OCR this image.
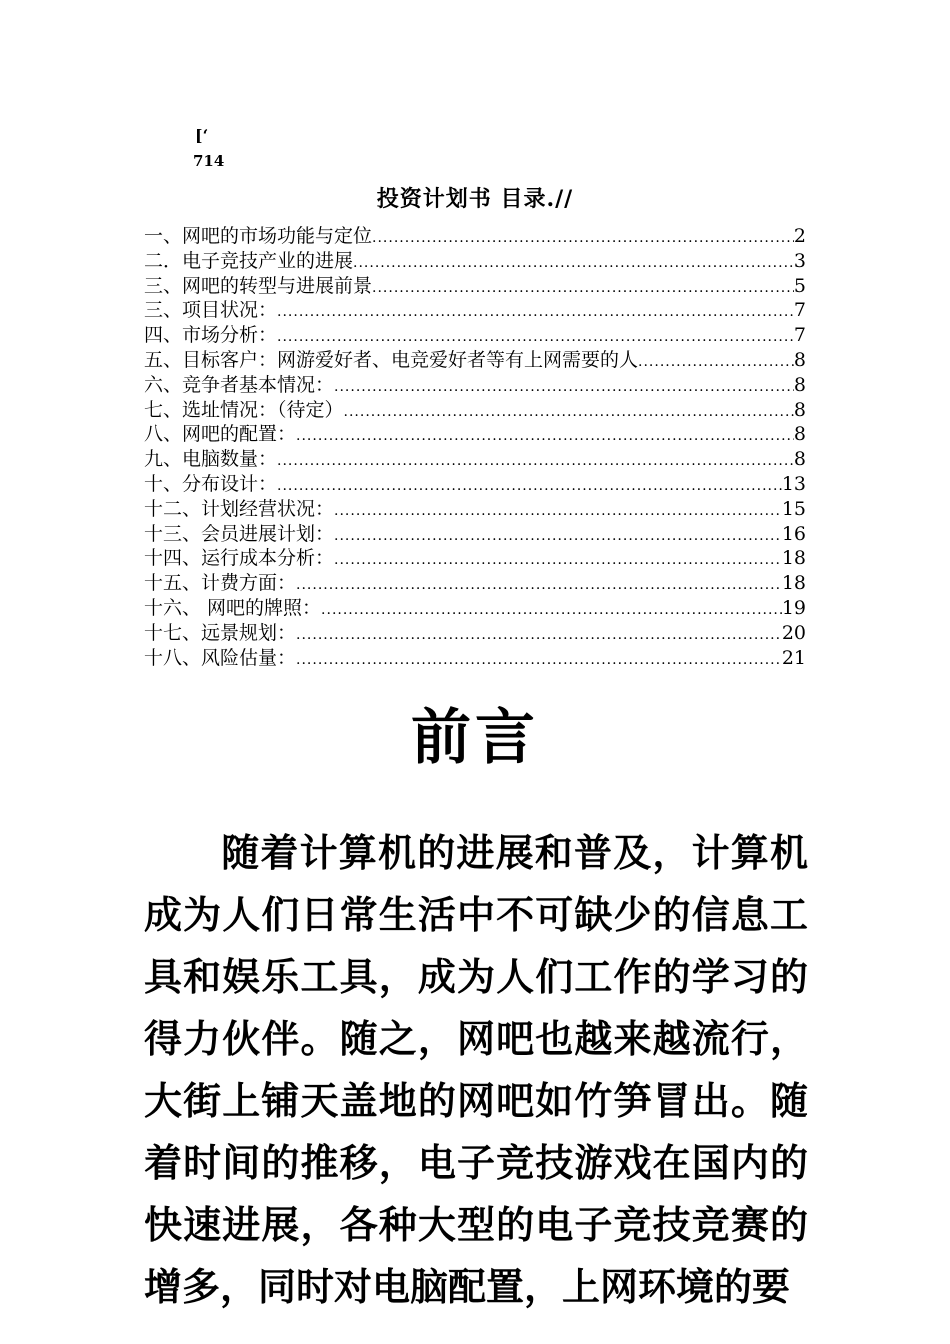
[‘
714
投资计划书 目录.//
一、网吧的市场功能与定位 .....	2
二．电子竞技产业的进展 .....	3
三、网吧的转型与进展前景 .....	5
三、项目状况： .....	7
四、市场分析： .....	7
五、目标客户：网游爱好者、电竞爱好者等有上网需要的人 .....	8
六、竞争者基本情况： .....	8
七、选址情况：（待定） .....	8
八、网吧的配置： .....	8
九、电脑数量： .....	8
十、分布设计： .....	13
十二、计划经营状况： .....	15
十三、会员进展计划： .....	16
十四、运行成本分析： .....	18
十五、计费方面： .....	18
十六、 网吧的牌照： .....	19
十七、远景规划： .....	20
十八、风险估量： .....	21
前言
随着计算机的进展和普及，计算机成为人们日常生活中不可缺少的信息工具和娱乐工具，成为人们工作的学习的得力伙伴。随之，网吧也越来越流行，大街上铺天盖地的网吧如竹笋冒出。随着时间的推移，电子竞技游戏在国内的快速进展，各种大型的电子竞技竞赛的增多，同时对电脑配置，上网环境的要
